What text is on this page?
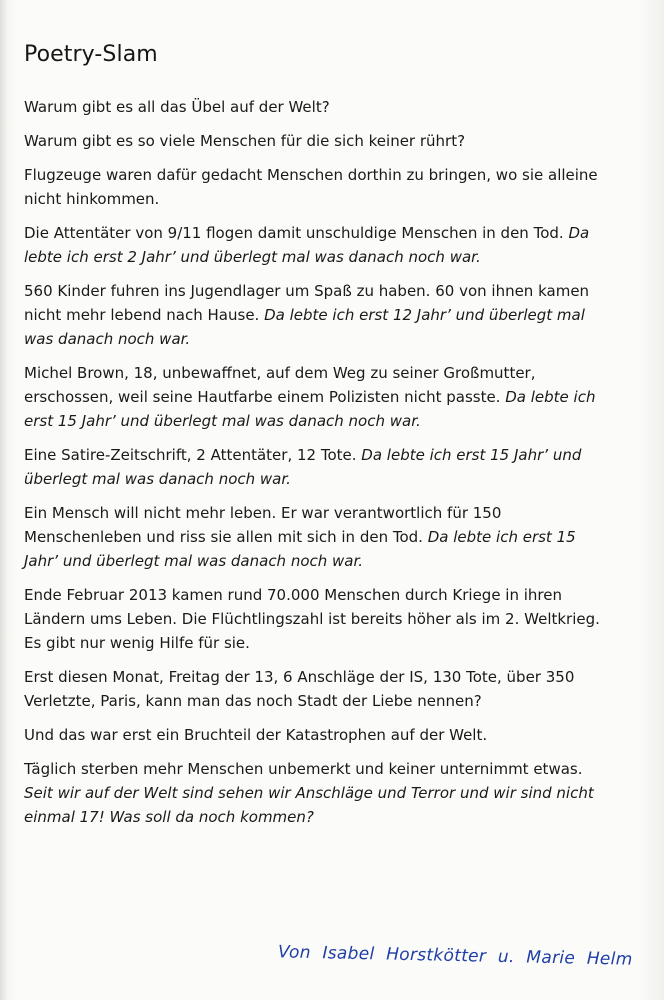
Poetry-Slam

Warum gibt es all das Übel auf der Welt?

Warum gibt es so viele Menschen für die sich keiner rührt?

Flugzeuge waren dafür gedacht Menschen dorthin zu bringen, wo sie alleine nicht hinkommen.

Die Attentäter von 9/11 flogen damit unschuldige Menschen in den Tod. Da lebte ich erst 2 Jahr’ und überlegt mal was danach noch war.

560 Kinder fuhren ins Jugendlager um Spaß zu haben. 60 von ihnen kamen nicht mehr lebend nach Hause. Da lebte ich erst 12 Jahr’ und überlegt mal was danach noch war.

Michel Brown, 18, unbewaffnet, auf dem Weg zu seiner Großmutter, erschossen, weil seine Hautfarbe einem Polizisten nicht passte. Da lebte ich erst 15 Jahr’ und überlegt mal was danach noch war.

Eine Satire-Zeitschrift, 2 Attentäter, 12 Tote. Da lebte ich erst 15 Jahr’ und überlegt mal was danach noch war.

Ein Mensch will nicht mehr leben. Er war verantwortlich für 150 Menschenleben und riss sie allen mit sich in den Tod. Da lebte ich erst 15 Jahr’ und überlegt mal was danach noch war.

Ende Februar 2013 kamen rund 70.000 Menschen durch Kriege in ihren Ländern ums Leben. Die Flüchtlingszahl ist bereits höher als im 2. Weltkrieg. Es gibt nur wenig Hilfe für sie.

Erst diesen Monat, Freitag der 13, 6 Anschläge der IS, 130 Tote, über 350 Verletzte, Paris, kann man das noch Stadt der Liebe nennen?

Und das war erst ein Bruchteil der Katastrophen auf der Welt.

Täglich sterben mehr Menschen unbemerkt und keiner unternimmt etwas. Seit wir auf der Welt sind sehen wir Anschläge und Terror und wir sind nicht einmal 17! Was soll da noch kommen?

Von Isabel Horstkötter u. Marie Helm
